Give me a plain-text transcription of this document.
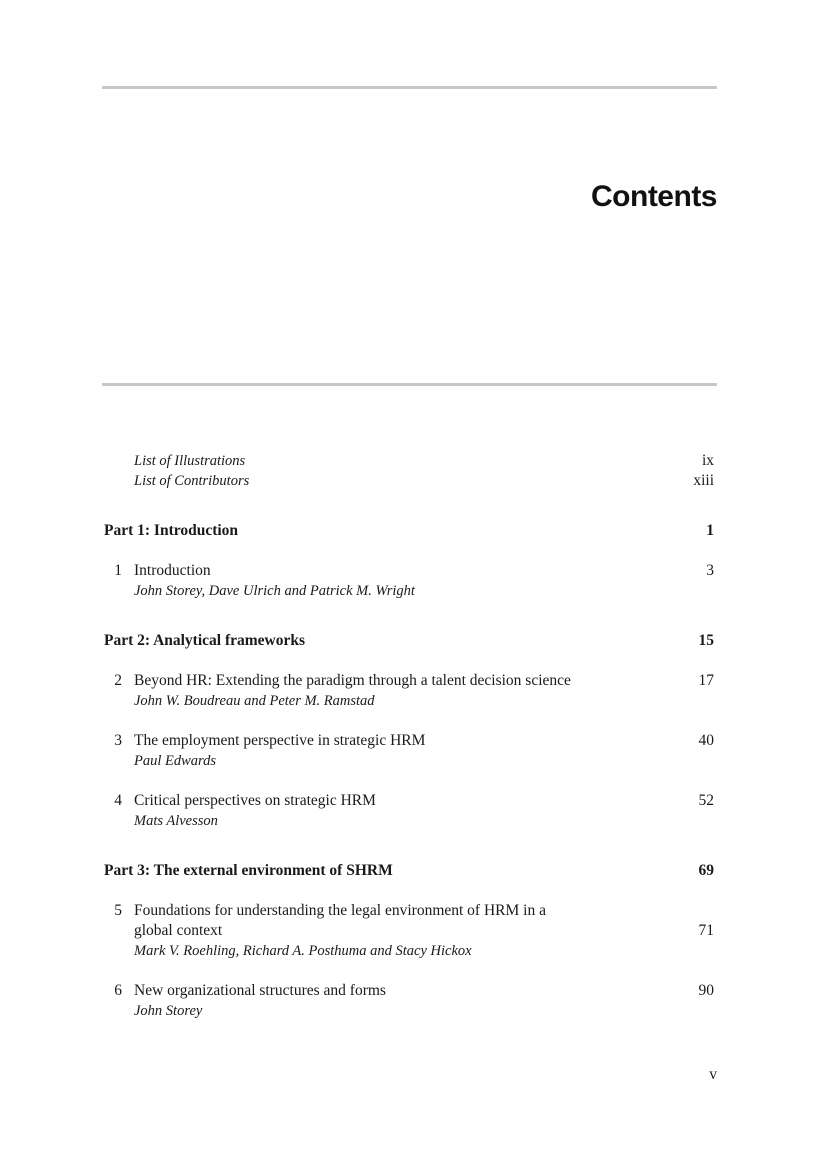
Contents
List of Illustrations	ix
List of Contributors	xiii
Part 1: Introduction	1
1 Introduction	3
John Storey, Dave Ulrich and Patrick M. Wright
Part 2: Analytical frameworks	15
2 Beyond HR: Extending the paradigm through a talent decision science	17
John W. Boudreau and Peter M. Ramstad
3 The employment perspective in strategic HRM	40
Paul Edwards
4 Critical perspectives on strategic HRM	52
Mats Alvesson
Part 3: The external environment of SHRM	69
5 Foundations for understanding the legal environment of HRM in a
global context	71
Mark V. Roehling, Richard A. Posthuma and Stacy Hickox
6 New organizational structures and forms	90
John Storey
v
